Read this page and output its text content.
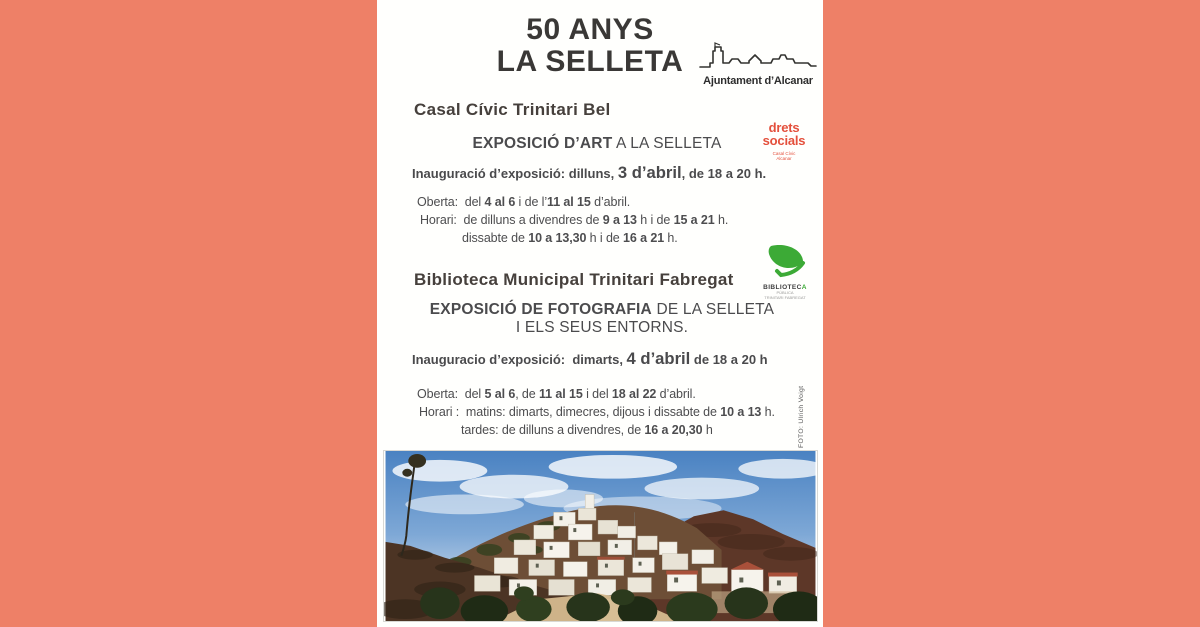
50 ANYS
LA SELLETA
Ajuntament d’Alcanar
Casal Cívic Trinitari Bel
EXPOSICIÓ D’ART A LA SELLETA
Inauguració d’exposició: dilluns, 3 d’abril, de 18 a 20 h.
Oberta:  del 4 al 6 i de l’11 al 15 d’abril.
Horari:  de dilluns a divendres de 9 a 13 h i de 15 a 21 h.
dissabte de 10 a 13,30 h i de 16 a 21 h.
drets
socials
Casal Cívic
Alcanar
Biblioteca Municipal Trinitari Fabregat	BIBLIOTECA
PÚBLICA
TRINITARI FABREGAT
EXPOSICIÓ DE FOTOGRAFIA DE LA SELLETA
I ELS SEUS ENTORNS.
Inauguracio d’exposició:  dimarts, 4 d’abril de 18 a 20 h
Oberta:  del 5 al 6, de 11 al 15 i del 18 al 22 d’abril.
Horari :  matins: dimarts, dimecres, dijous i dissabte de 10 a 13 h.
tardes: de dilluns a divendres, de 16 a 20,30 h	FOTO: Ulrich Voigt
